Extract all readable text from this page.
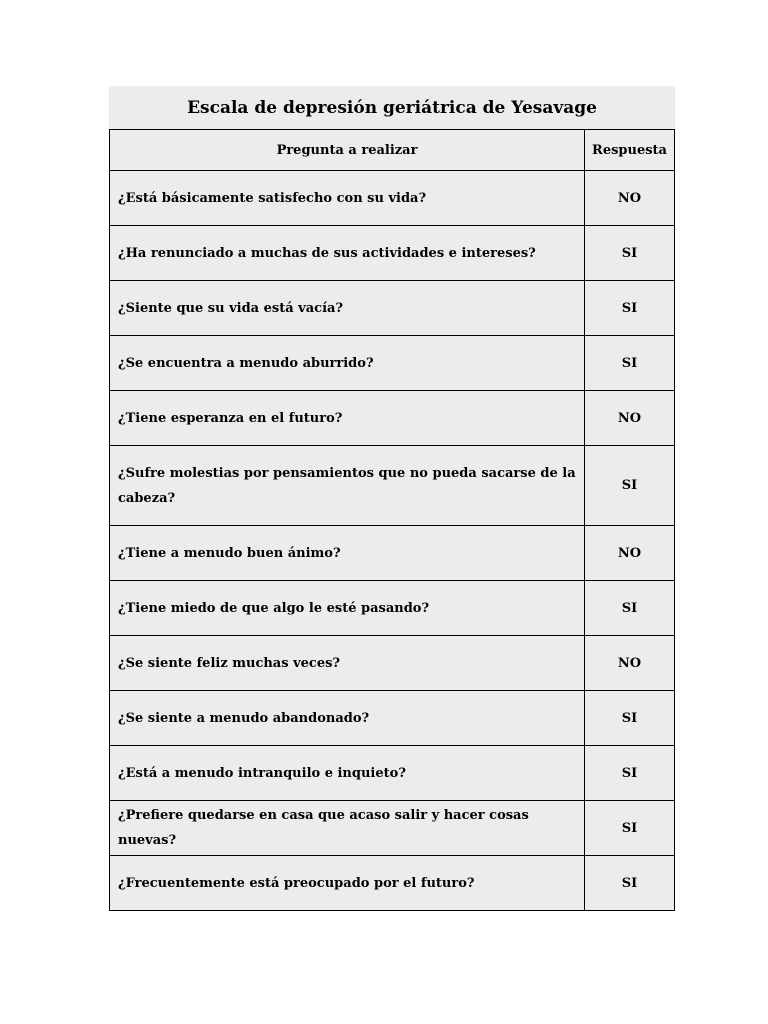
Escala de depresión geriátrica de Yesavage	
Pregunta a realizar	Respuesta
¿Está básicamente satisfecho con su vida?	NO
¿Ha renunciado a muchas de sus actividades e intereses?	SI
¿Siente que su vida está vacía?	SI
¿Se encuentra a menudo aburrido?	SI
¿Tiene esperanza en el futuro?	NO
¿Sufre molestias por pensamientos que no pueda sacarse de la cabeza?	SI
¿Tiene a menudo buen ánimo?	NO
¿Tiene miedo de que algo le esté pasando?	SI
¿Se siente feliz muchas veces?	NO
¿Se siente a menudo abandonado?	SI
¿Está a menudo intranquilo e inquieto?	SI
¿Prefiere quedarse en casa que acaso salir y hacer cosas nuevas?	SI
¿Frecuentemente está preocupado por el futuro?	SI
